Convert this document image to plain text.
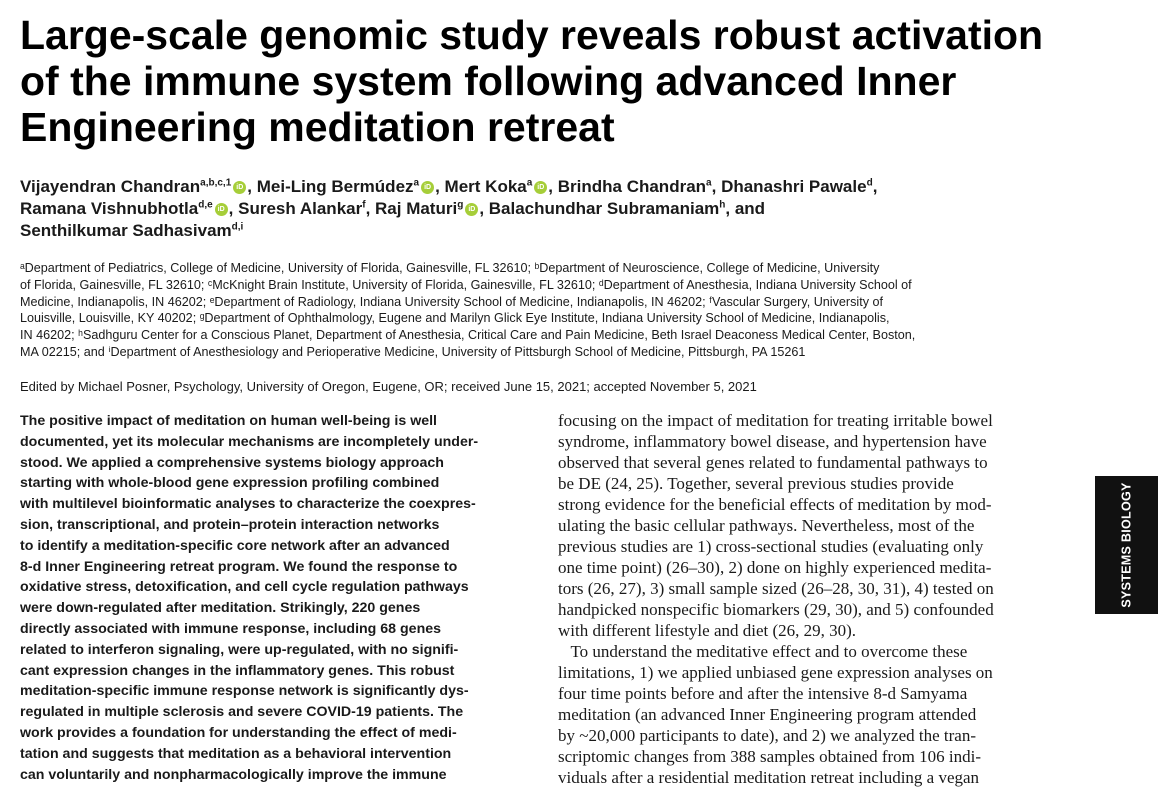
Large-scale genomic study reveals robust activation
of the immune system following advanced Inner
Engineering meditation retreat
Vijayendran Chandran$^{a,b,c,1}$ iD , Mei-Ling Bermúdez$^a$ iD , Mert Koka$^a$ iD , Brindha Chandran$^a$, Dhanashri Pawale$^d$,
Ramana Vishnubhotla$^{d,e}$ iD , Suresh Alankar$^f$, Raj Maturi$^g$ iD , Balachundhar Subramaniam$^h$, and
Senthilkumar Sadhasivam$^{d,i}$
ᵃDepartment of Pediatrics, College of Medicine, University of Florida, Gainesville, FL 32610; ᵇDepartment of Neuroscience, College of Medicine, University
of Florida, Gainesville, FL 32610; ᶜMcKnight Brain Institute, University of Florida, Gainesville, FL 32610; ᵈDepartment of Anesthesia, Indiana University School of
Medicine, Indianapolis, IN 46202; ᵉDepartment of Radiology, Indiana University School of Medicine, Indianapolis, IN 46202; ᶠVascular Surgery, University of
Louisville, Louisville, KY 40202; ᵍDepartment of Ophthalmology, Eugene and Marilyn Glick Eye Institute, Indiana University School of Medicine, Indianapolis,
IN 46202; ʰSadhguru Center for a Conscious Planet, Department of Anesthesia, Critical Care and Pain Medicine, Beth Israel Deaconess Medical Center, Boston,
MA 02215; and ⁱDepartment of Anesthesiology and Perioperative Medicine, University of Pittsburgh School of Medicine, Pittsburgh, PA 15261
Edited by Michael Posner, Psychology, University of Oregon, Eugene, OR; received June 15, 2021; accepted November 5, 2021
The positive impact of meditation on human well-being is well
documented, yet its molecular mechanisms are incompletely under-
stood. We applied a comprehensive systems biology approach
starting with whole-blood gene expression profiling combined
with multilevel bioinformatic analyses to characterize the coexpres-
sion, transcriptional, and protein–protein interaction networks
to identify a meditation-specific core network after an advanced
8-d Inner Engineering retreat program. We found the response to
oxidative stress, detoxification, and cell cycle regulation pathways
were down-regulated after meditation. Strikingly, 220 genes
directly associated with immune response, including 68 genes
related to interferon signaling, were up-regulated, with no signifi-
cant expression changes in the inflammatory genes. This robust
meditation-specific immune response network is significantly dys-
regulated in multiple sclerosis and severe COVID-19 patients. The
work provides a foundation for understanding the effect of medi-
tation and suggests that meditation as a behavioral intervention
can voluntarily and nonpharmacologically improve the immune
focusing on the impact of meditation for treating irritable bowel
syndrome, inflammatory bowel disease, and hypertension have
observed that several genes related to fundamental pathways to
be DE (24, 25). Together, several previous studies provide
strong evidence for the beneficial effects of meditation by mod-
ulating the basic cellular pathways. Nevertheless, most of the
previous studies are 1) cross-sectional studies (evaluating only
one time point) (26–30), 2) done on highly experienced medita-
tors (26, 27), 3) small sample sized (26–28, 30, 31), 4) tested on
handpicked nonspecific biomarkers (29, 30), and 5) confounded
with different lifestyle and diet (26, 29, 30).
To understand the meditative effect and to overcome these
limitations, 1) we applied unbiased gene expression analyses on
four time points before and after the intensive 8-d Samyama
meditation (an advanced Inner Engineering program attended
by ~20,000 participants to date), and 2) we analyzed the tran-
scriptomic changes from 388 samples obtained from 106 indi-
viduals after a residential meditation retreat including a vegan
SYSTEMS BIOLOGY
